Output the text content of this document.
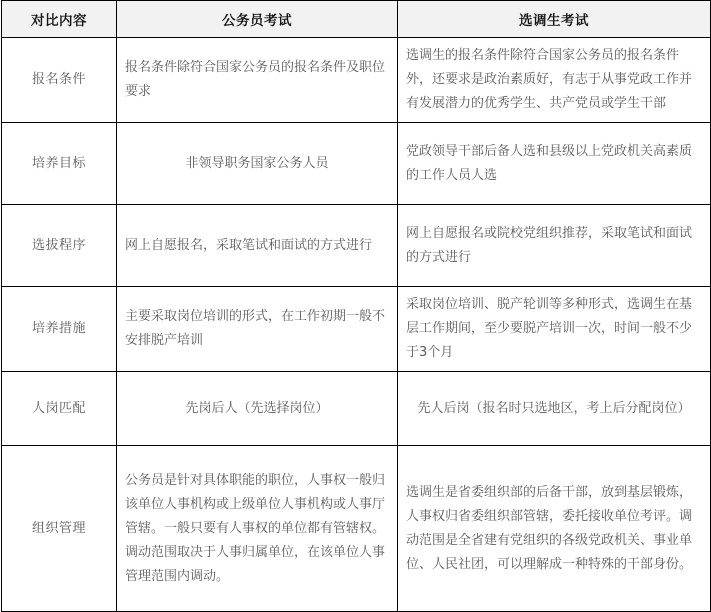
对比内容	公务员考试	选调生考试
报名条件	报名条件除符合国家公务员的报名条件及职位要求	选调生的报名条件除符合国家公务员的报名条件外，还要求是政治素质好，有志于从事党政工作并有发展潜力的优秀学生、共产党员或学生干部
培养目标	非领导职务国家公务人员	党政领导干部后备人选和县级以上党政机关高素质的工作人员人选
选拔程序	网上自愿报名，采取笔试和面试的方式进行	网上自愿报名或院校党组织推荐，采取笔试和面试的方式进行
培养措施	主要采取岗位培训的形式，在工作初期一般不安排脱产培训	采取岗位培训、脱产轮训等多种形式，选调生在基层工作期间，至少要脱产培训一次，时间一般不少于3个月
人岗匹配	先岗后人（先选择岗位）	先人后岗（报名时只选地区，考上后分配岗位）
组织管理	公务员是针对具体职能的职位，人事权一般归该单位人事机构或上级单位人事机构或人事厅管辖。一般只要有人事权的单位都有管辖权。调动范围取决于人事归属单位，在该单位人事管理范围内调动。	选调生是省委组织部的后备干部，放到基层锻炼，人事权归省委组织部管辖，委托接收单位考评。调动范围是全省建有党组织的各级党政机关、事业单位、人民社团，可以理解成一种特殊的干部身份。
